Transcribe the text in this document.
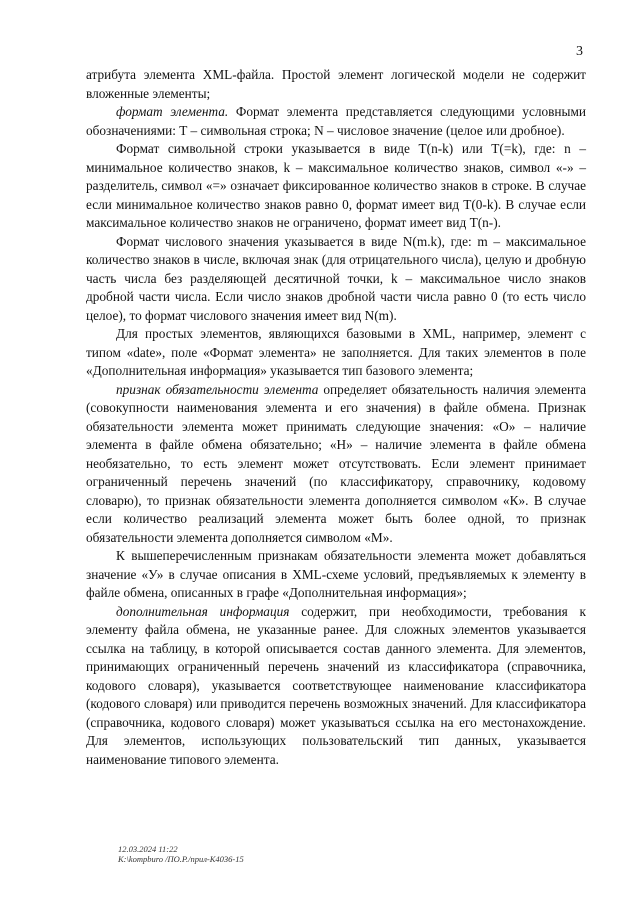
3

атрибута элемента XML-файла. Простой элемент логической модели не содержит вложенные элементы;

формат элемента. Формат элемента представляется следующими условными обозначениями: T – символьная строка; N – числовое значение (целое или дробное).

Формат символьной строки указывается в виде T(n-k) или T(=k), где: n – минимальное количество знаков, k – максимальное количество знаков, символ «-» – разделитель, символ «=» означает фиксированное количество знаков в строке. В случае если минимальное количество знаков равно 0, формат имеет вид T(0-k). В случае если максимальное количество знаков не ограничено, формат имеет вид T(n-).

Формат числового значения указывается в виде N(m.k), где: m – максимальное количество знаков в числе, включая знак (для отрицательного числа), целую и дробную часть числа без разделяющей десятичной точки, k – максимальное число знаков дробной части числа. Если число знаков дробной части числа равно 0 (то есть число целое), то формат числового значения имеет вид N(m).

Для простых элементов, являющихся базовыми в XML, например, элемент с типом «date», поле «Формат элемента» не заполняется. Для таких элементов в поле «Дополнительная информация» указывается тип базового элемента;

признак обязательности элемента определяет обязательность наличия элемента (совокупности наименования элемента и его значения) в файле обмена. Признак обязательности элемента может принимать следующие значения: «О» – наличие элемента в файле обмена обязательно; «Н» – наличие элемента в файле обмена необязательно, то есть элемент может отсутствовать. Если элемент принимает ограниченный перечень значений (по классификатору, справочнику, кодовому словарю), то признак обязательности элемента дополняется символом «К». В случае если количество реализаций элемента может быть более одной, то признак обязательности элемента дополняется символом «М».

К вышеперечисленным признакам обязательности элемента может добавляться значение «У» в случае описания в XML-схеме условий, предъявляемых к элементу в файле обмена, описанных в графе «Дополнительная информация»;

дополнительная информация содержит, при необходимости, требования к элементу файла обмена, не указанные ранее. Для сложных элементов указывается ссылка на таблицу, в которой описывается состав данного элемента. Для элементов, принимающих ограниченный перечень значений из классификатора (справочника, кодового словаря), указывается соответствующее наименование классификатора (кодового словаря) или приводится перечень возможных значений. Для классификатора (справочника, кодового словаря) может указываться ссылка на его местонахождение. Для элементов, использующих пользовательский тип данных, указывается наименование типового элемента.

12.03.2024 11:22
К:\kompburo /ПО.P./прил-К4036-15
